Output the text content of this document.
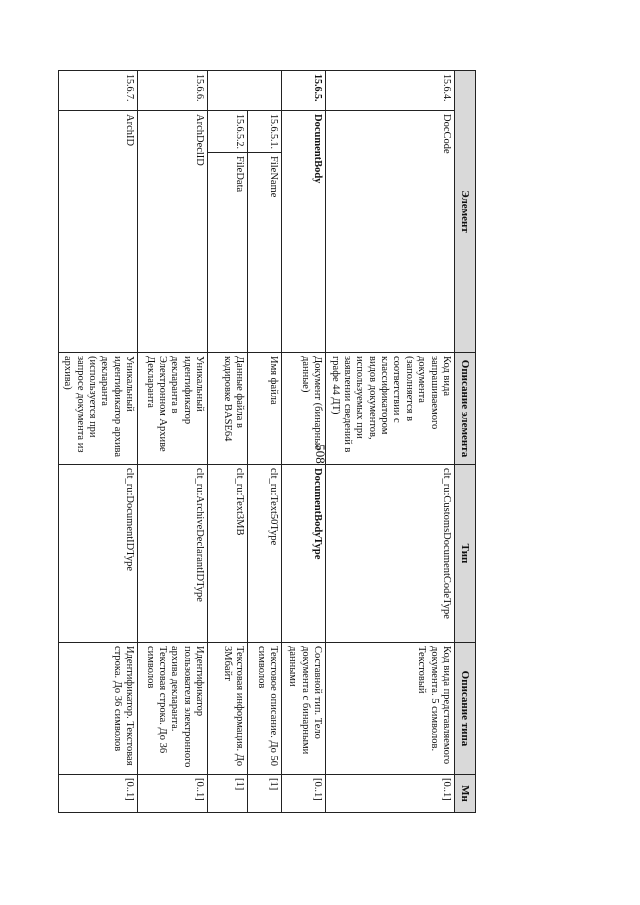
508
Элемент			Описание элемента	Тип	Описание типа	Мн
15.6.4.	DocCode		Код вида запрашиваемого документа (заполняется в соответствии с классификатором видов документов, используемых при заявлении сведений в графе 44 ДТ)	clt_ru:CustomsDocumentCodeType	Код вида представляемого документа. 5 символов. Текстовый	[0..1]
15.6.5.	DocumentBody		Документ (бинарные данные)	DocumentBodyType	Составной тип. Тело документа с бинарными данными	[0..1]
	15.6.5.1.	FileName	Имя файла	clt_ru:Text50Type	Текстовое описание. До 50 символов	[1]
	15.6.5.2.	FileData	Данные файла в кодировке BASE64	clt_ru:Text3MB	Текстовая информация. До 3Мбайт	[1]
15.6.6.	ArchDeclID		Уникальный идентификатор декларанта в Электронном Архиве Декларанта	clt_ru:ArchiveDeclarantIDType	Идентификатор пользователя электронного архива декларанта. Текстовая строка. До 36 символов	[0..1]
15.6.7.	ArchID		Уникальный идентификатор архива декларанта (используется при запросе документа из архива)	clt_ru:DocumentIDType	Идентификатор. Текстовая строка. До 36 символов	[0..1]
